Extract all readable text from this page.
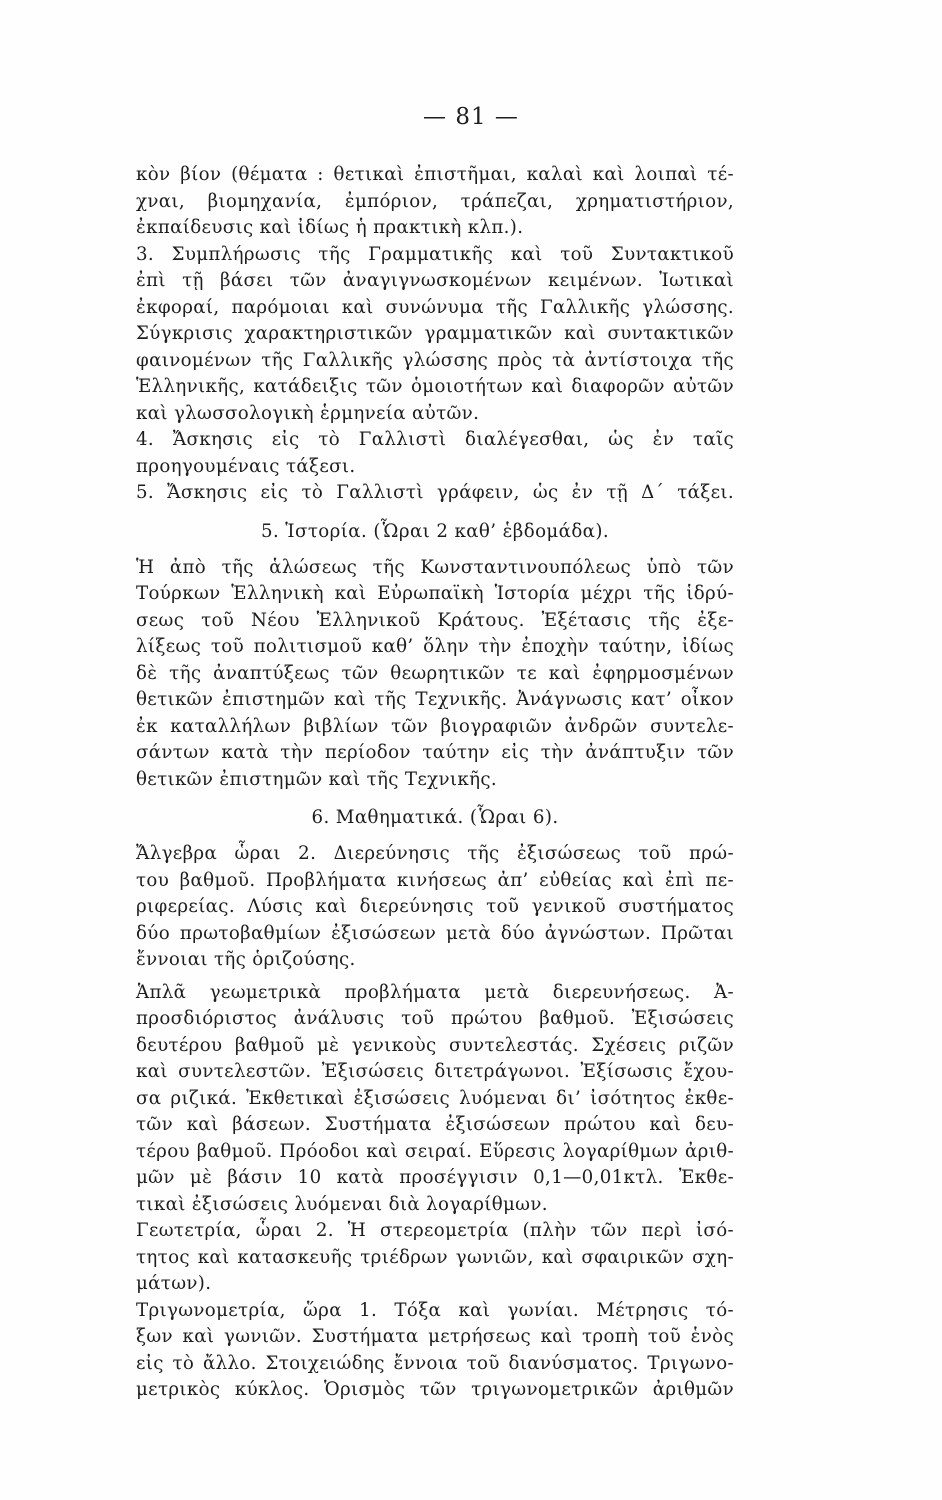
— 81 —
κὸν βίον (θέματα : θετικαὶ ἐπιστῆμαι, καλαὶ καὶ λοιπαὶ τέ-
χναι, βιομηχανία, ἐμπόριον, τράπεζαι, χρηματιστήριον,
ἐκπαίδευσις καὶ ἰδίως ἡ πρακτικὴ κλπ.).
3. Συμπλήρωσις τῆς Γραμματικῆς καὶ τοῦ Συντακτικοῦ
ἐπὶ τῇ βάσει τῶν ἀναγιγνωσκομένων κειμένων. Ἰωτικαὶ
ἐκφοραί, παρόμοιαι καὶ συνώνυμα τῆς Γαλλικῆς γλώσσης.
Σύγκρισις χαρακτηριστικῶν γραμματικῶν καὶ συντακτικῶν
φαινομένων τῆς Γαλλικῆς γλώσσης πρὸς τὰ ἀντίστοιχα τῆς
Ἑλληνικῆς, κατάδειξις τῶν ὁμοιοτήτων καὶ διαφορῶν αὐτῶν
καὶ γλωσσολογικὴ ἑρμηνεία αὐτῶν.
4. Ἄσκησις εἰς τὸ Γαλλιστὶ διαλέγεσθαι, ὡς ἐν ταῖς
προηγουμέναις τάξεσι.
5. Ἄσκησις εἰς τὸ Γαλλιστὶ γράφειν, ὡς ἐν τῇ Δ΄ τάξει.
5. Ἱστορία. (Ὧραι 2 καθ’ ἑβδομάδα).
Ἡ ἀπὸ τῆς ἁλώσεως τῆς Κωνσταντινουπόλεως ὑπὸ τῶν
Τούρκων Ἑλληνικὴ καὶ Εὐρωπαϊκὴ Ἱστορία μέχρι τῆς ἱδρύ-
σεως τοῦ Νέου Ἑλληνικοῦ Κράτους. Ἐξέτασις τῆς ἐξε-
λίξεως τοῦ πολιτισμοῦ καθ’ ὅλην τὴν ἐποχὴν ταύτην, ἰδίως
δὲ τῆς ἀναπτύξεως τῶν θεωρητικῶν τε καὶ ἐφηρμοσμένων
θετικῶν ἐπιστημῶν καὶ τῆς Τεχνικῆς. Ἀνάγνωσις κατ’ οἶκον
ἐκ καταλλήλων βιβλίων τῶν βιογραφιῶν ἀνδρῶν συντελε-
σάντων κατὰ τὴν περίοδον ταύτην εἰς τὴν ἀνάπτυξιν τῶν
θετικῶν ἐπιστημῶν καὶ τῆς Τεχνικῆς.
6. Μαθηματικά. (Ὧραι 6).
Ἄλγεβρα ὧραι 2. Διερεύνησις τῆς ἐξισώσεως τοῦ πρώ-
του βαθμοῦ. Προβλήματα κινήσεως ἀπ’ εὐθείας καὶ ἐπὶ πε-
ριφερείας. Λύσις καὶ διερεύνησις τοῦ γενικοῦ συστήματος
δύο πρωτοβαθμίων ἐξισώσεων μετὰ δύο ἀγνώστων. Πρῶται
ἔννοιαι τῆς ὁριζούσης.
Ἁπλᾶ γεωμετρικὰ προβλήματα μετὰ διερευνήσεως. Ἀ-
προσδιόριστος ἀνάλυσις τοῦ πρώτου βαθμοῦ. Ἐξισώσεις
δευτέρου βαθμοῦ μὲ γενικοὺς συντελεστάς. Σχέσεις ριζῶν
καὶ συντελεστῶν. Ἐξισώσεις διτετράγωνοι. Ἐξίσωσις ἔχου-
σα ριζικά. Ἐκθετικαὶ ἐξισώσεις λυόμεναι δι’ ἰσότητος ἐκθε-
τῶν καὶ βάσεων. Συστήματα ἐξισώσεων πρώτου καὶ δευ-
τέρου βαθμοῦ. Πρόοδοι καὶ σειραί. Εὕρεσις λογαρίθμων ἀριθ-
μῶν μὲ βάσιν 10 κατὰ προσέγγισιν 0,1—0,01κτλ. Ἐκθε-
τικαὶ ἐξισώσεις λυόμεναι διὰ λογαρίθμων.
Γεωτετρία, ὧραι 2. Ἡ στερεομετρία (πλὴν τῶν περὶ ἰσό-
τητος καὶ κατασκευῆς τριέδρων γωνιῶν, καὶ σφαιρικῶν σχη-
μάτων).
Τριγωνομετρία, ὥρα 1. Τόξα καὶ γωνίαι. Μέτρησις τό-
ξων καὶ γωνιῶν. Συστήματα μετρήσεως καὶ τροπὴ τοῦ ἑνὸς
εἰς τὸ ἄλλο. Στοιχειώδης ἔννοια τοῦ διανύσματος. Τριγωνο-
μετρικὸς κύκλος. Ὁρισμὸς τῶν τριγωνομετρικῶν ἀριθμῶν
